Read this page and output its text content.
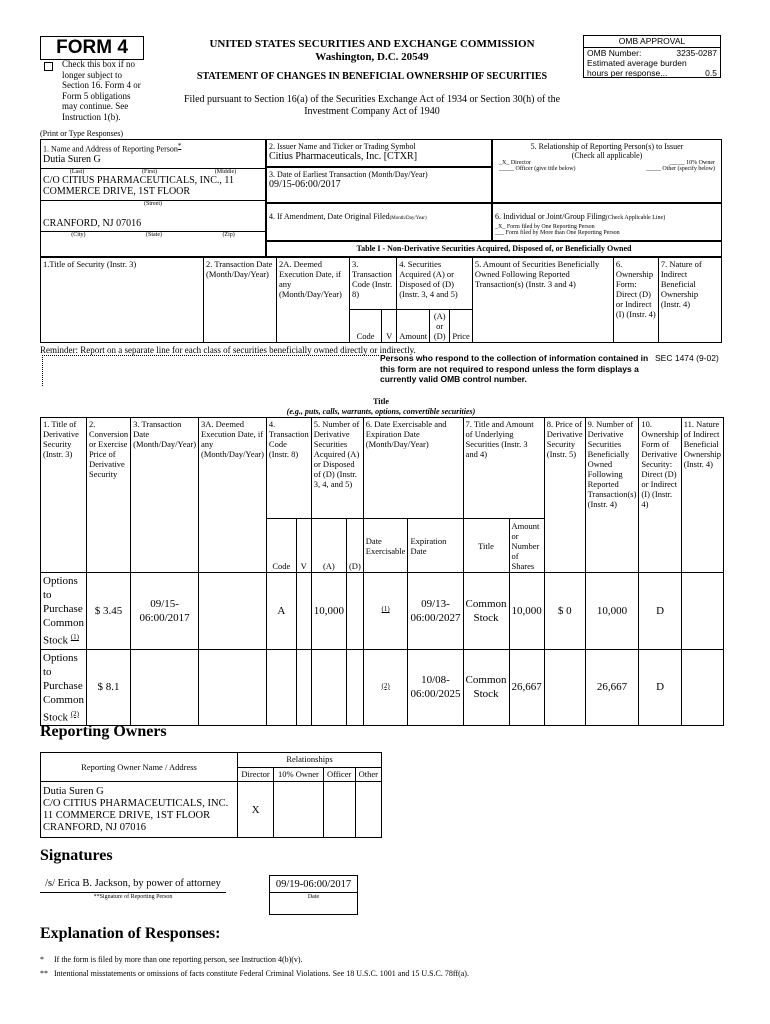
FORM 4
Check this box if no longer subject to Section 16. Form 4 or Form 5 obligations may continue. See Instruction 1(b).
UNITED STATES SECURITIES AND EXCHANGE COMMISSION
Washington, D.C. 20549
STATEMENT OF CHANGES IN BENEFICIAL OWNERSHIP OF SECURITIES
Filed pursuant to Section 16(a) of the Securities Exchange Act of 1934 or Section 30(h) of the
Investment Company Act of 1940
OMB APPROVAL
OMB Number:	3235-0287
Estimated average burden
hours per response...	0.5
(Print or Type Responses)
1. Name and Address of Reporting Person*
Dutia Suren G
(Last)	(First)	(Middle)
C/O CITIUS PHARMACEUTICALS, INC., 11
COMMERCE DRIVE, 1ST FLOOR
(Street)
CRANFORD, NJ 07016
(City)	(State)	(Zip)
2. Issuer Name and Ticker or Trading Symbol
Citius Pharmaceuticals, Inc. [CTXR]
3. Date of Earliest Transaction (Month/Day/Year)
09/15-06:00/2017
4. If Amendment, Date Original Filed(Month/Day/Year)
5. Relationship of Reporting Person(s) to Issuer
(Check all applicable)
_X_ Director	_____ 10% Owner
_____ Officer (give title below)	_____ Other (specify below)
6. Individual or Joint/Group Filing(Check Applicable Line)
_X_ Form filed by One Reporting Person
___ Form filed by More than One Reporting Person
Table I - Non-Derivative Securities Acquired, Disposed of, or Beneficially Owned
1.Title of Security (Instr. 3)	2. Transaction Date (Month/Day/Year)	2A. Deemed Execution Date, if any (Month/Day/Year)	3. Transaction Code (Instr. 8)		4. Securities Acquired (A) or Disposed of (D) (Instr. 3, 4 and 5)			5. Amount of Securities Beneficially Owned Following Reported Transaction(s) (Instr. 3 and 4)	6. Ownership Form: Direct (D) or Indirect (I) (Instr. 4)	7. Nature of Indirect Beneficial Ownership (Instr. 4)
			Code	V	Amount	(A) or (D)	Price			
Reminder: Report on a separate line for each class of securities beneficially owned directly or indirectly.
Persons who respond to the collection of information contained in this form are not required to respond unless the form displays a currently valid OMB control number.
SEC 1474 (9-02)
Title
(e.g., puts, calls, warrants, options, convertible securities)
1. Title of Derivative Security (Instr. 3)	2. Conversion or Exercise Price of Derivative Security	3. Transaction Date (Month/Day/Year)	3A. Deemed Execution Date, if any (Month/Day/Year)	4. Transaction Code (Instr. 8)		5. Number of Derivative Securities Acquired (A) or Disposed of (D) (Instr. 3, 4, and 5)		6. Date Exercisable and Expiration Date (Month/Day/Year)		7. Title and Amount of Underlying Securities (Instr. 3 and 4)		8. Price of Derivative Security (Instr. 5)	9. Number of Derivative Securities Beneficially Owned Following Reported Transaction(s) (Instr. 4)	10. Ownership Form of Derivative Security: Direct (D) or Indirect (I) (Instr. 4)	11. Nature of Indirect Beneficial Ownership (Instr. 4)
				Code	V	(A)	(D)	Date Exercisable	Expiration Date	Title	Amount or Number of Shares				
Options to Purchase Common Stock $^{(1)}$	$ 3.45	09/15-06:00/2017		A		10,000		$^{(1)}$	09/13-06:00/2027	Common Stock	10,000	$ 0	10,000	D	
Options to Purchase Common Stock $^{(2)}$	$ 8.1							$^{(2)}$	10/08-06:00/2025	Common Stock	26,667		26,667	D	
Reporting Owners
Reporting Owner Name / Address	Relationships			
	Director	10% Owner	Officer	Other

Dutia Suren G
C/O CITIUS PHARMACEUTICALS, INC.
11 COMMERCE DRIVE, 1ST FLOOR
CRANFORD, NJ 07016	X			
Signatures
/s/ Erica B. Jackson, by power of attorney		09/19-06:00/2017
**Signature of Reporting Person		Date
Explanation of Responses:
* If the form is filed by more than one reporting person, see Instruction 4(b)(v).
** Intentional misstatements or omissions of facts constitute Federal Criminal Violations. See 18 U.S.C. 1001 and 15 U.S.C. 78ff(a).
